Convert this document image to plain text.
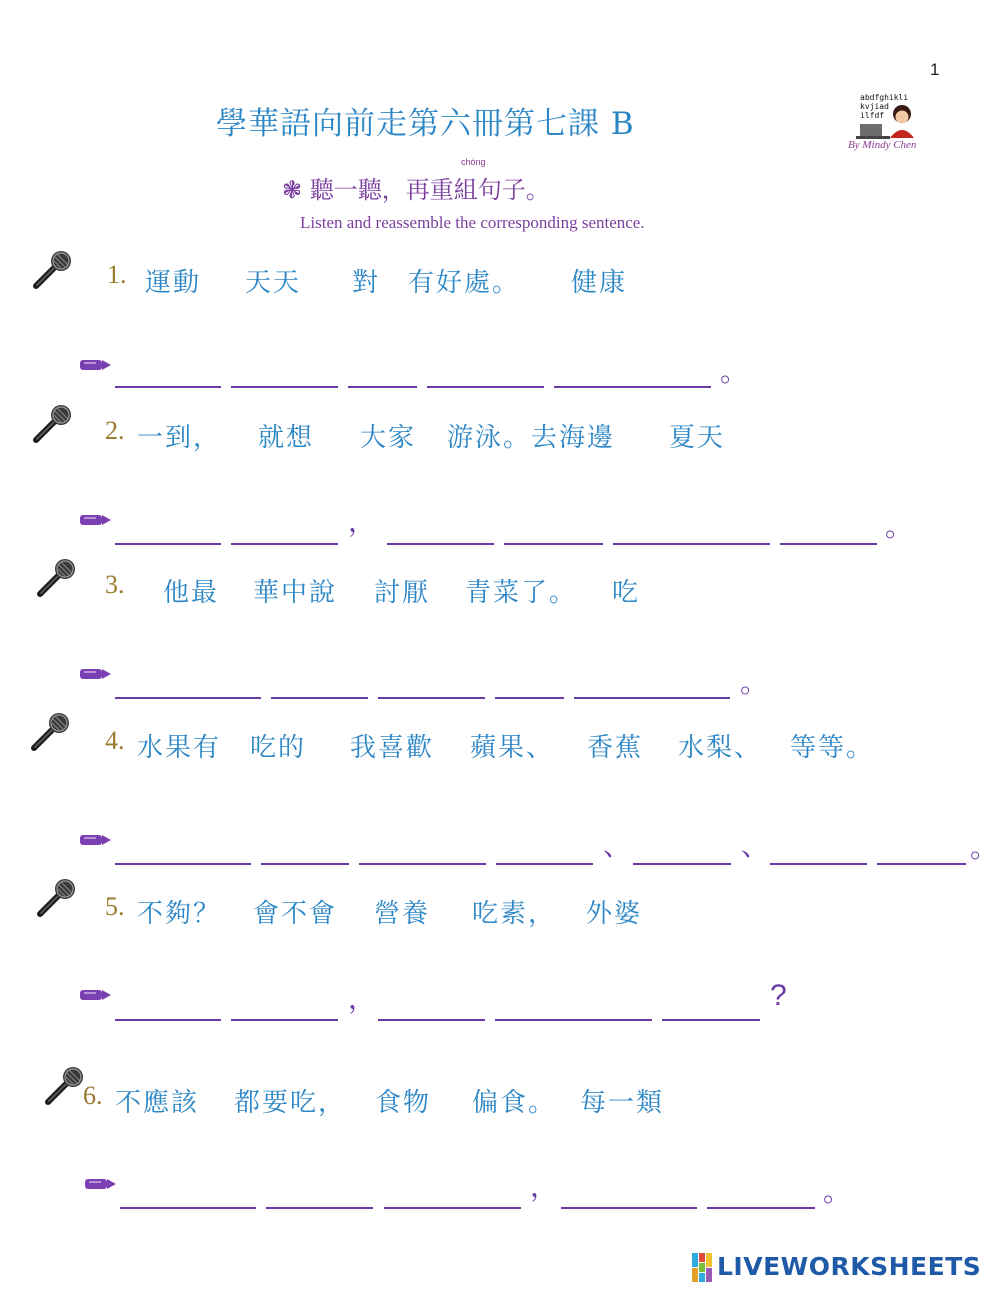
1
學華語向前走第六冊第七課 B
abdfghikli
kvjiad
ilfdf
By Mindy Chen
chóng
❃ 聽一聽，再重組句子。
Listen and reassemble the corresponding sentence.
1. 運動 天天 對 有好處。 健康
。
2. 一到， 就想 大家 游泳。去海邊 夏天
，	。
3. 他最 華中說 討厭 青菜了。 吃
。
4. 水果有 吃的 我喜歡 蘋果、 香蕉 水梨、 等等。
、	、	。
5. 不夠？ 會不會 營養 吃素， 外婆
，	?
6. 不應該 都要吃， 食物 偏食。 每一類
，	。
LIVEWORKSHEETS
